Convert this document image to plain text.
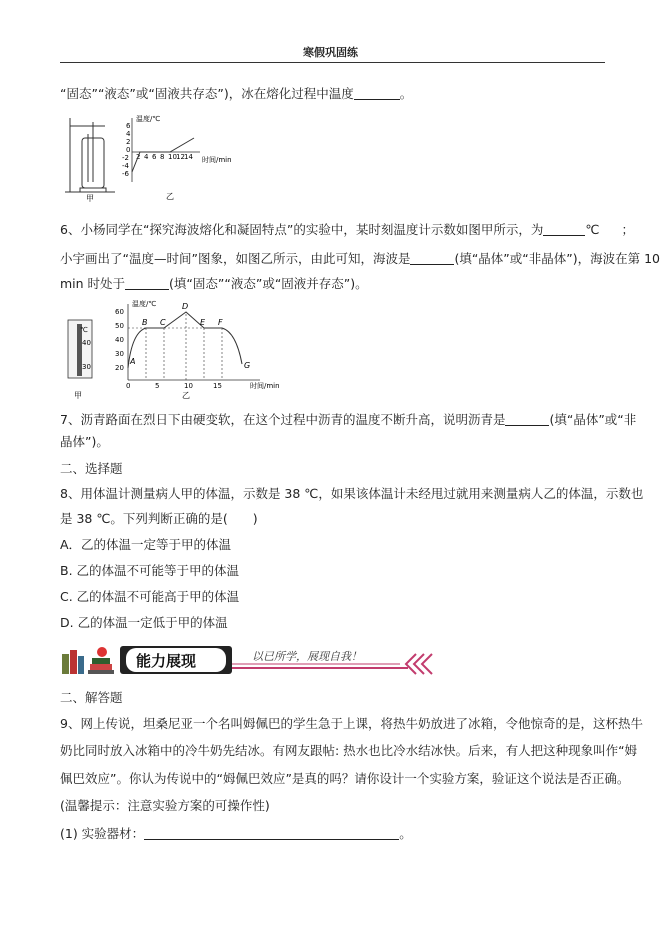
寒假巩固练
“固态”“液态”或“固液共存态”)，冰在熔化过程中温度	。
甲
温度/℃
时间/min
6
4
2
0
-2
-4
-6
2 4 6 8 10 12 14
乙
6、小杨同学在“探究海波熔化和凝固特点”的实验中，某时刻温度计示数如图甲所示，为	℃ ；
小宇画出了“温度—时间”图象，如图乙所示，由此可知，海波是	(填“晶体”或“非晶体”)，海波在第 10
min 时处于	(填“固态”“液态”或“固液并存态”)。
℃
40
30
甲
温度/℃
时间/min
60
50
40
30
20
0	5	10	15
A
B C
D
E F
G
乙
7、沥青路面在烈日下由硬变软，在这个过程中沥青的温度不断升高，说明沥青是	(填“晶体”或“非
晶体”)。
二、选择题
8、用体温计测量病人甲的体温，示数是 38 ℃，如果该体温计未经甩过就用来测量病人乙的体温，示数也
是 38 ℃。下列判断正确的是(　　)
A．乙的体温一定等于甲的体温
B. 乙的体温不可能等于甲的体温
C. 乙的体温不可能高于甲的体温
D. 乙的体温一定低于甲的体温
能力展现	以已所学，展现自我！
二、解答题
9、网上传说，坦桑尼亚一个名叫姆佩巴的学生急于上课，将热牛奶放进了冰箱，令他惊奇的是，这杯热牛
奶比同时放入冰箱中的冷牛奶先结冰。有网友跟帖: 热水也比冷水结冰快。后来，有人把这种现象叫作“姆
佩巴效应”。你认为传说中的“姆佩巴效应”是真的吗？请你设计一个实验方案，验证这个说法是否正确。
(温馨提示：注意实验方案的可操作性)
(1) 实验器材：	。
